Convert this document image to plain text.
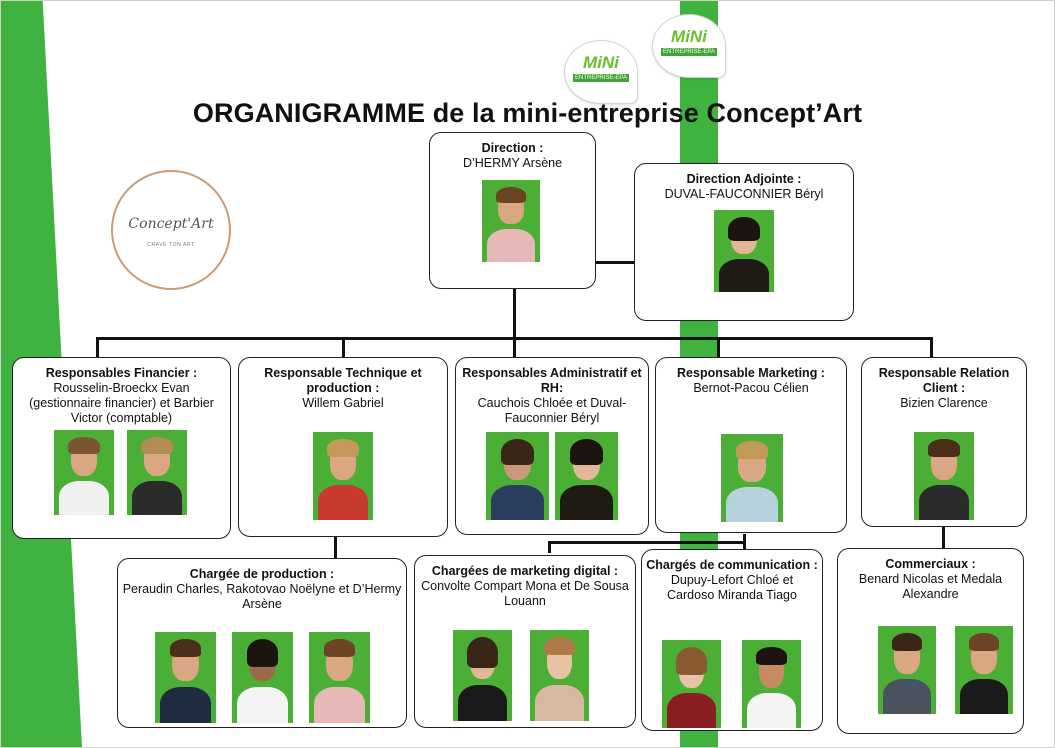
MiNi
ENTREPRISE-EPA
MiNi
ENTREPRISE-EPA
Concept'Art
CRAVE TON ART
ORGANIGRAMME de la mini-entreprise Concept’Art
Direction :
D’HERMY Arsène
Direction Adjointe :
DUVAL-FAUCONNIER Béryl
Responsables Financier :
Rousselin-Broeckx Evan (gestionnaire financier) et Barbier Victor (comptable)
Responsable Technique et production :
Willem Gabriel
Responsables Administratif et RH:
Cauchois Chloée et Duval-Fauconnier Béryl
Responsable Marketing :
Bernot-Pacou Célien
Responsable Relation Client :
Bizien Clarence
Chargée de production :
Peraudin Charles, Rakotovao Noëlyne et D’Hermy Arsène
Chargées de marketing digital :
Convolte Compart Mona et De Sousa Louann
Chargés de communication :
Dupuy-Lefort Chloé et Cardoso Miranda Tiago
Commerciaux :
Benard Nicolas et Medala Alexandre
